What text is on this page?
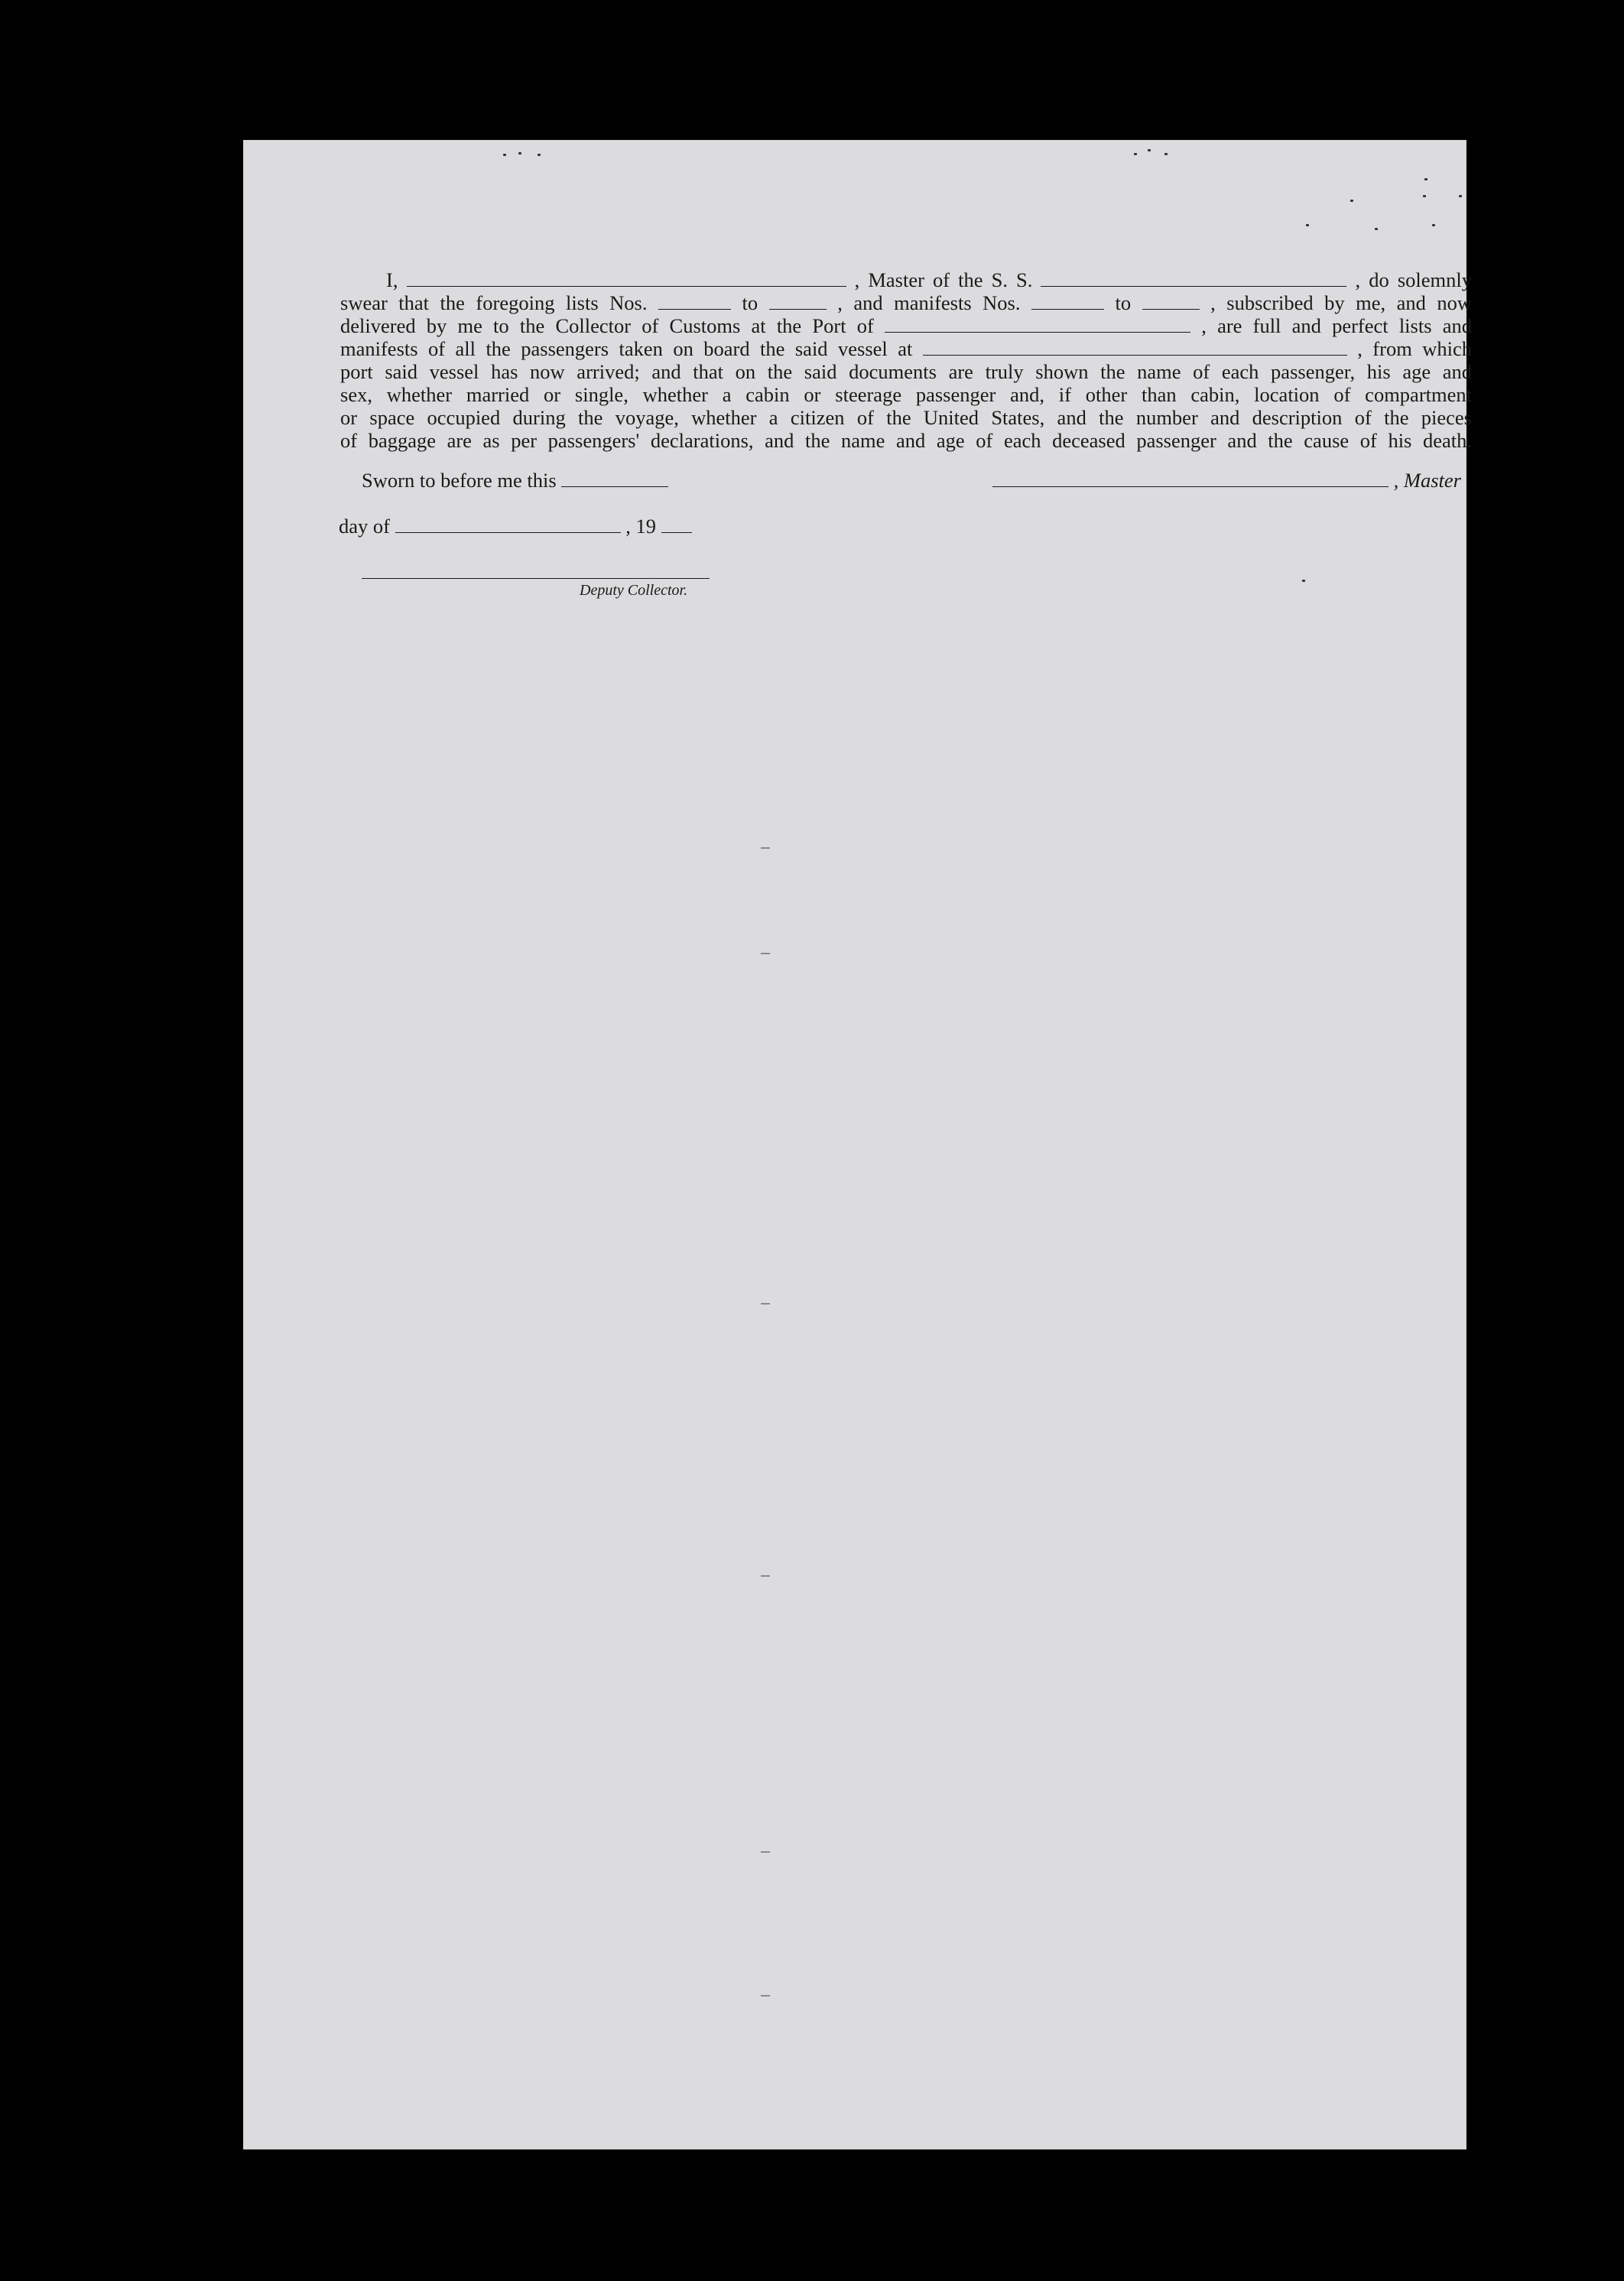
I,	, Master of the S. S.	, do solemnly
swear that the foregoing lists Nos.	to	, and manifests Nos.	to	, subscribed by me, and now
delivered by me to the Collector of Customs at the Port of	, are full and perfect lists and
manifests of all the passengers taken on board the said vessel at	, from which
port said vessel has now arrived; and that on the said documents are truly shown the name of each passenger, his age and
sex, whether married or single, whether a cabin or steerage passenger and, if other than cabin, location of compartment
or space occupied during the voyage, whether a citizen of the United States, and the number and description of the pieces
of baggage are as per passengers' declarations, and the name and age of each deceased passenger and the cause of his death.
Sworn to before me this	, Master
day of	, 19
Deputy Collector.
